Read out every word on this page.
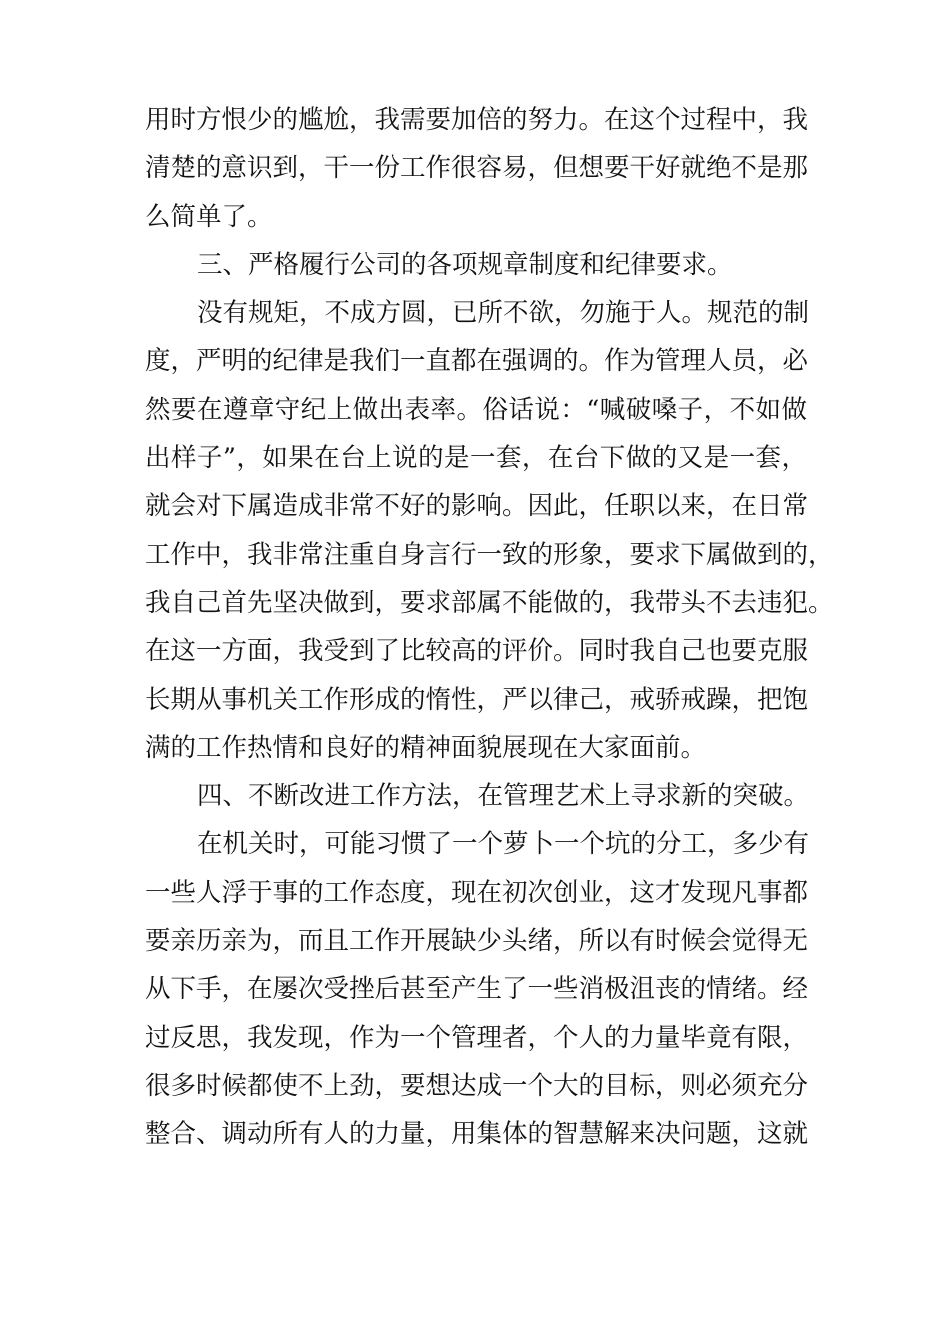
用时方恨少的尴尬，我需要加倍的努力。在这个过程中，我
清楚的意识到，干一份工作很容易，但想要干好就绝不是那
么简单了。
三、严格履行公司的各项规章制度和纪律要求。
没有规矩，不成方圆，已所不欲，勿施于人。规范的制
度，严明的纪律是我们一直都在强调的。作为管理人员，必
然要在遵章守纪上做出表率。俗话说：“喊破嗓子，不如做
出样子”，如果在台上说的是一套，在台下做的又是一套，
就会对下属造成非常不好的影响。因此，任职以来，在日常
工作中，我非常注重自身言行一致的形象，要求下属做到的，
我自己首先坚决做到，要求部属不能做的，我带头不去违犯。
在这一方面，我受到了比较高的评价。同时我自己也要克服
长期从事机关工作形成的惰性，严以律己，戒骄戒躁，把饱
满的工作热情和良好的精神面貌展现在大家面前。
四、不断改进工作方法，在管理艺术上寻求新的突破。
在机关时，可能习惯了一个萝卜一个坑的分工，多少有
一些人浮于事的工作态度，现在初次创业，这才发现凡事都
要亲历亲为，而且工作开展缺少头绪，所以有时候会觉得无
从下手，在屡次受挫后甚至产生了一些消极沮丧的情绪。经
过反思，我发现，作为一个管理者，个人的力量毕竟有限，
很多时候都使不上劲，要想达成一个大的目标，则必须充分
整合、调动所有人的力量，用集体的智慧解来决问题，这就
